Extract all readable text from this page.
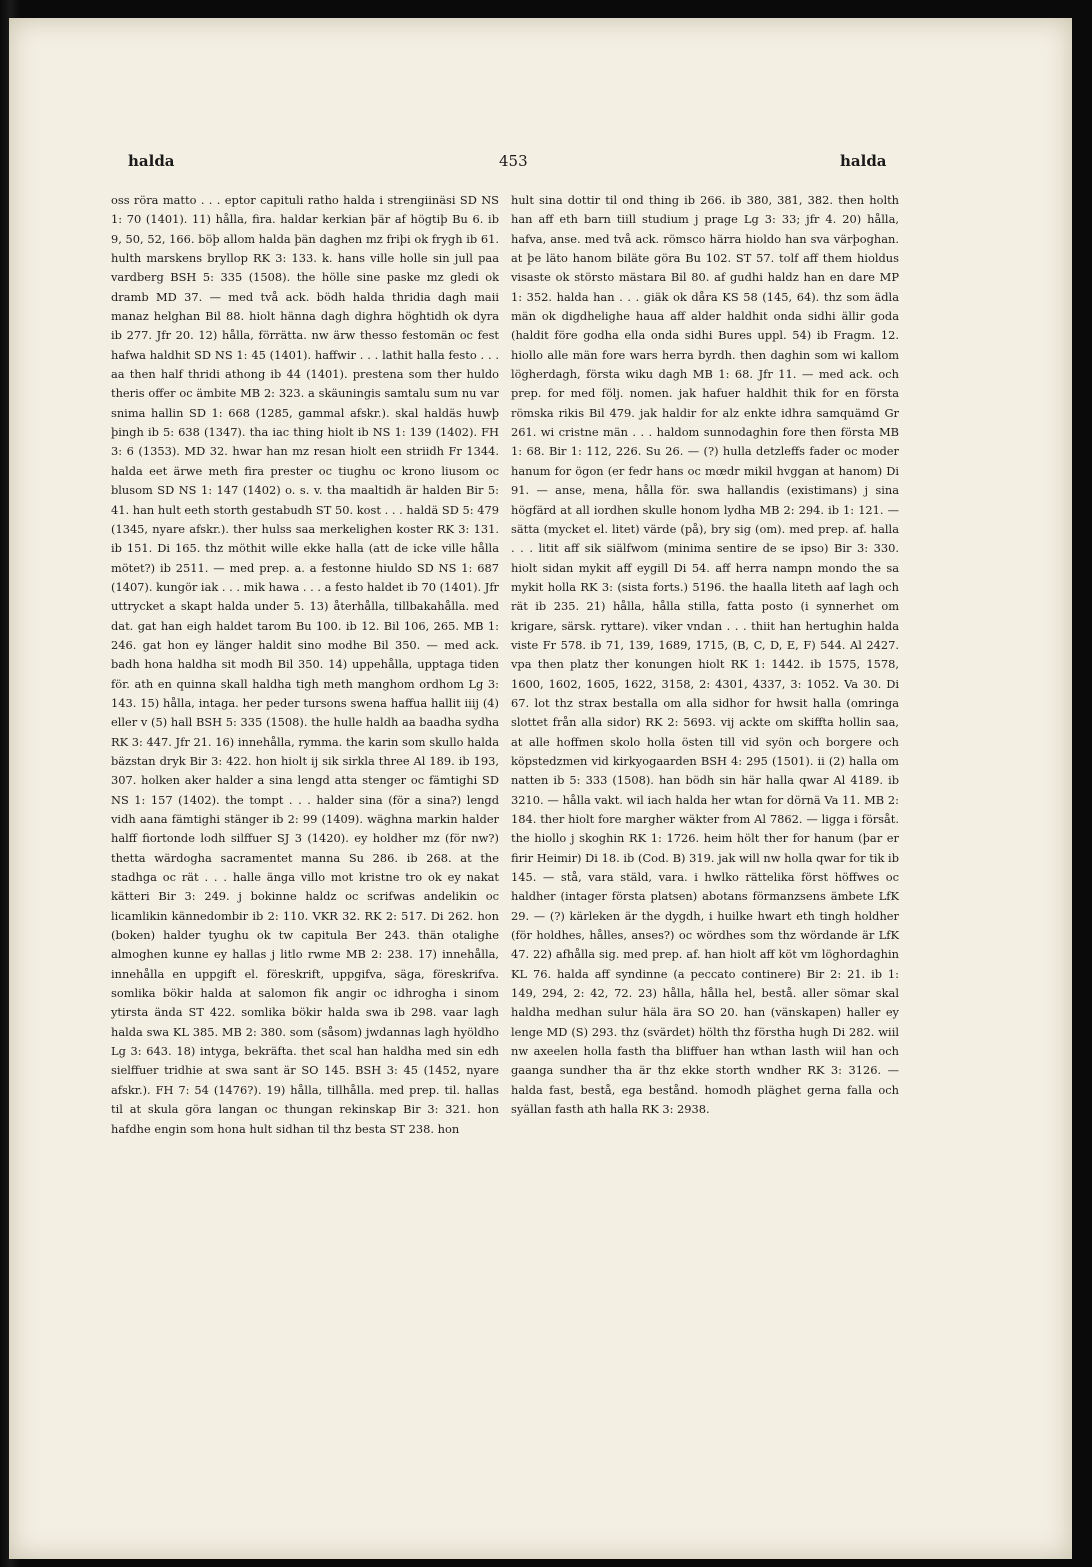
halda	453	halda

oss röra matto . . . eptor capituli ratho halda i strengiinäsi SD NS 1: 70 (1401). 11) hålla, fira. haldar kerkian þär af högtiþ Bu 6. ib 9, 50, 52, 166. böþ allom halda þän daghen mz friþi ok frygh ib 61. hulth marskens bryllop RK 3: 133. k. hans ville holle sin jull paa vardberg BSH 5: 335 (1508). the hölle sine paske mz gledi ok dramb MD 37. — med två ack. bödh halda thridia dagh maii manaz helghan Bil 88. hiolt hänna dagh dighra höghtidh ok dyra ib 277. Jfr 20. 12) hålla, förrätta. nw ärw thesso festomän oc fest hafwa haldhit SD NS 1: 45 (1401). haffwir . . . lathit halla festo . . . aa then half thridi athong ib 44 (1401). prestena som ther huldo theris offer oc ämbite MB 2: 323. a skäuningis samtalu sum nu var snima hallin SD 1: 668 (1285, gammal afskr.). skal haldäs huwþ þingh ib 5: 638 (1347). tha iac thing hiolt ib NS 1: 139 (1402). FH 3: 6 (1353). MD 32. hwar han mz resan hiolt een striidh Fr 1344. halda eet ärwe meth fira prester oc tiughu oc krono liusom oc blusom SD NS 1: 147 (1402) o. s. v. tha maaltidh är halden Bir 5: 41. han hult eeth storth gestabudh ST 50. kost . . . haldä SD 5: 479 (1345, nyare afskr.). ther hulss saa merkelighen koster RK 3: 131. ib 151. Di 165. thz möthit wille ekke halla (att de icke ville hålla mötet?) ib 2511. — med prep. a. a festonne hiuldo SD NS 1: 687 (1407). kungör iak . . . mik hawa . . . a festo haldet ib 70 (1401). Jfr uttrycket a skapt halda under 5. 13) återhålla, tillbakahålla. med dat. gat han eigh haldet tarom Bu 100. ib 12. Bil 106, 265. MB 1: 246. gat hon ey länger haldit sino modhe Bil 350. — med ack. badh hona haldha sit modh Bil 350. 14) uppehålla, upptaga tiden för. ath en quinna skall haldha tigh meth manghom ordhom Lg 3: 143. 15) hålla, intaga. her peder tursons swena haffua hallit iiij (4) eller v (5) hall BSH 5: 335 (1508). the hulle haldh aa baadha sydha RK 3: 447. Jfr 21. 16) innehålla, rymma. the karin som skullo halda bäzstan dryk Bir 3: 422. hon hiolt ij sik sirkla three Al 189. ib 193, 307. holken aker halder a sina lengd atta stenger oc fämtighi SD NS 1: 157 (1402). the tompt . . . halder sina (för a sina?) lengd vidh aana fämtighi stänger ib 2: 99 (1409). wäghna markin halder halff fiortonde lodh silffuer SJ 3 (1420). ey holdher mz (för nw?) thetta wärdogha sacramentet manna Su 286. ib 268. at the stadhga oc rät . . . halle änga villo mot kristne tro ok ey nakat kätteri Bir 3: 249. j bokinne haldz oc scrifwas andelikin oc licamlikin kännedombir ib 2: 110. VKR 32. RK 2: 517. Di 262. hon (boken) halder tyughu ok tw capitula Ber 243. thän otalighe almoghen kunne ey hallas j litlo rwme MB 2: 238. 17) innehålla, innehålla en uppgift el. föreskrift, uppgifva, säga, föreskrifva. somlika bökir halda at salomon fik angir oc idhrogha i sinom ytirsta ända ST 422. somlika bökir halda swa ib 298. vaar lagh halda swa KL 385. MB 2: 380. som (såsom) jwdannas lagh hyöldho Lg 3: 643. 18) intyga, bekräfta. thet scal han haldha med sin edh sielffuer tridhie at swa sant är SO 145. BSH 3: 45 (1452, nyare afskr.). FH 7: 54 (1476?). 19) hålla, tillhålla. med prep. til. hallas til at skula göra langan oc thungan rekinskap Bir 3: 321. hon hafdhe engin som hona hult sidhan til thz besta ST 238. hon

hult sina dottir til ond thing ib 266. ib 380, 381, 382. then holth han aff eth barn tiill studium j prage Lg 3: 33; jfr 4. 20) hålla, hafva, anse. med två ack. römsco härra hioldo han sva värþoghan. at þe läto hanom biläte göra Bu 102. ST 57. tolf aff them hioldus visaste ok störsto mästara Bil 80. af gudhi haldz han en dare MP 1: 352. halda han . . . giäk ok dåra KS 58 (145, 64). thz som ädla män ok digdhelighe haua aff alder haldhit onda sidhi ällir goda (haldit före godha ella onda sidhi Bures uppl. 54) ib Fragm. 12. hiollo alle män fore wars herra byrdh. then daghin som wi kallom lögherdagh, första wiku dagh MB 1: 68. Jfr 11. — med ack. och prep. for med följ. nomen. jak hafuer haldhit thik for en första römska rikis Bil 479. jak haldir for alz enkte idhra samquämd Gr 261. wi cristne män . . . haldom sunnodaghin fore then första MB 1: 68. Bir 1: 112, 226. Su 26. — (?) hulla detzleffs fader oc moder hanum for ögon (er fedr hans oc mœdr mikil hvggan at hanom) Di 91. — anse, mena, hålla för. swa hallandis (existimans) j sina högfärd at all iordhen skulle honom lydha MB 2: 294. ib 1: 121. — sätta (mycket el. litet) värde (på), bry sig (om). med prep. af. halla . . . litit aff sik siälfwom (minima sentire de se ipso) Bir 3: 330. hiolt sidan mykit aff eygill Di 54. aff herra nampn mondo the sa mykit holla RK 3: (sista forts.) 5196. the haalla liteth aaf lagh och rät ib 235. 21) hålla, hålla stilla, fatta posto (i synnerhet om krigare, särsk. ryttare). viker vndan . . . thiit han hertughin halda viste Fr 578. ib 71, 139, 1689, 1715, (B, C, D, E, F) 544. Al 2427. vpa then platz ther konungen hiolt RK 1: 1442. ib 1575, 1578, 1600, 1602, 1605, 1622, 3158, 2: 4301, 4337, 3: 1052. Va 30. Di 67. lot thz strax bestalla om alla sidhor for hwsit halla (omringa slottet från alla sidor) RK 2: 5693. vij ackte om skiffta hollin saa, at alle hoffmen skolo holla östen till vid syön och borgere och köpstedzmen vid kirkyogaarden BSH 4: 295 (1501). ii (2) halla om natten ib 5: 333 (1508). han bödh sin här halla qwar Al 4189. ib 3210. — hålla vakt. wil iach halda her wtan for dörnä Va 11. MB 2: 184. ther hiolt fore margher wäkter from Al 7862. — ligga i försåt. the hiollo j skoghin RK 1: 1726. heim hölt ther for hanum (þar er firir Heimir) Di 18. ib (Cod. B) 319. jak will nw holla qwar for tik ib 145. — stå, vara stäld, vara. i hwlko rättelika först höffwes oc haldher (intager första platsen) abotans förmanzsens ämbete LfK 29. — (?) kärleken är the dygdh, i huilke hwart eth tingh holdher (för holdhes, hålles, anses?) oc wördhes som thz wördande är LfK 47. 22) afhålla sig. med prep. af. han hiolt aff köt vm löghordaghin KL 76. halda aff syndinne (a peccato continere) Bir 2: 21. ib 1: 149, 294, 2: 42, 72. 23) hålla, hålla hel, bestå. aller sömar skal haldha medhan sulur häla ära SO 20. han (vänskapen) haller ey lenge MD (S) 293. thz (svärdet) hölth thz förstha hugh Di 282. wiil nw axeelen holla fasth tha bliffuer han wthan lasth wiil han och gaanga sundher tha är thz ekke storth wndher RK 3: 3126. — halda fast, bestå, ega bestånd. homodh pläghet gerna falla och syällan fasth ath halla RK 3: 2938.
